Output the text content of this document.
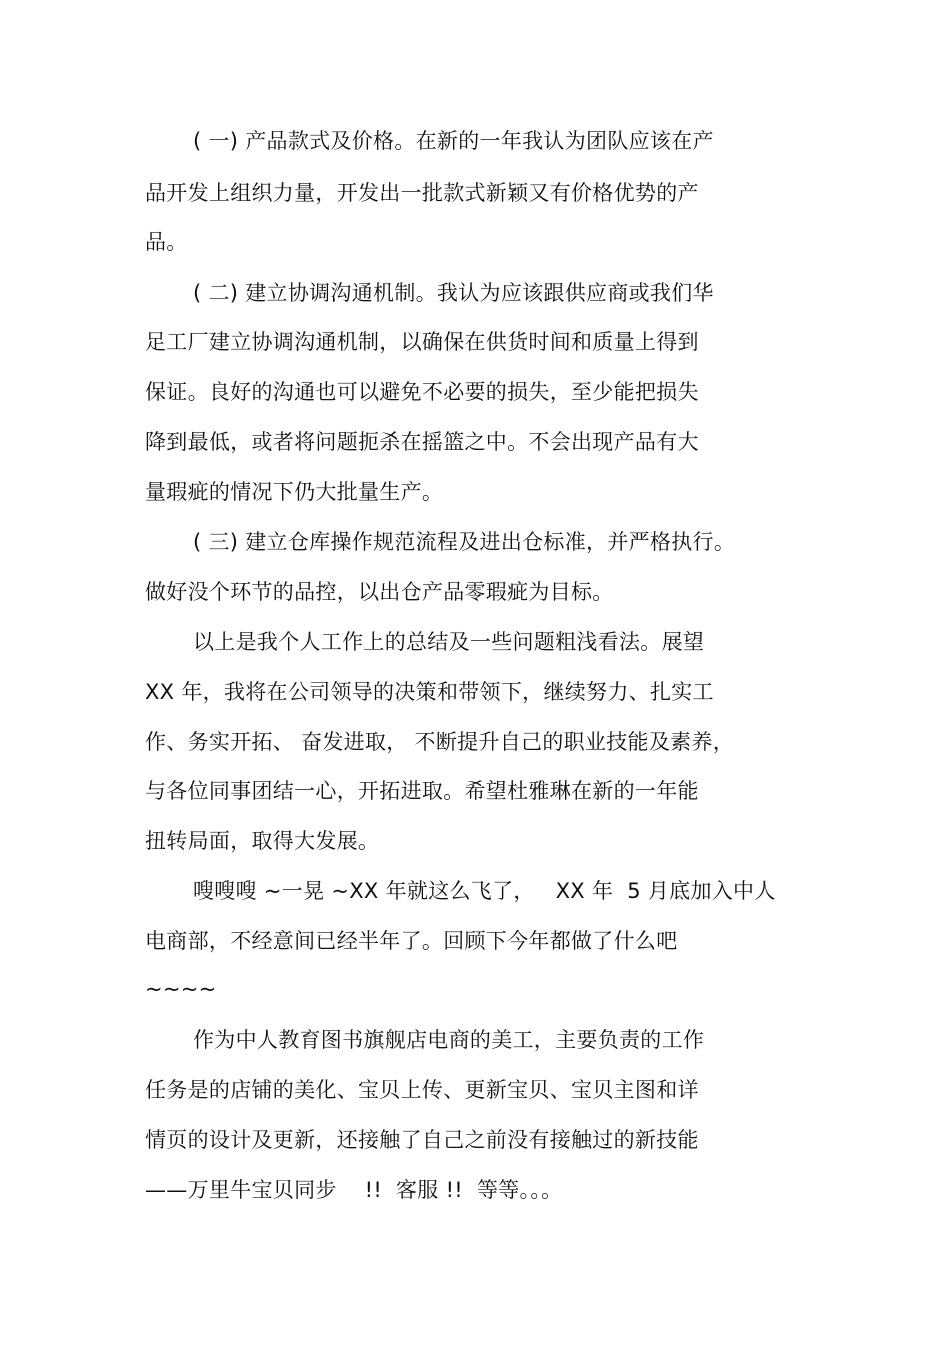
( 一) 产品款式及价格。在新的一年我认为团队应该在产
品开发上组织力量，开发出一批款式新颖又有价格优势的产
品。
( 二) 建立协调沟通机制。我认为应该跟供应商或我们华
足工厂建立协调沟通机制，以确保在供货时间和质量上得到
保证。良好的沟通也可以避免不必要的损失，至少能把损失
降到最低，或者将问题扼杀在摇篮之中。不会出现产品有大
量瑕疵的情况下仍大批量生产。
( 三) 建立仓库操作规范流程及进出仓标准，并严格执行。
做好没个环节的品控，以出仓产品零瑕疵为目标。
以上是我个人工作上的总结及一些问题粗浅看法。展望
XX 年，我将在公司领导的决策和带领下，继续努力、扎实工
作、务实开拓、 奋发进取， 不断提升自己的职业技能及素养，
与各位同事团结一心，开拓进取。希望杜雅琳在新的一年能
扭转局面，取得大发展。
嗖嗖嗖 ~一晃 ~XX 年就这么飞了，   XX 年  5 月底加入中人
电商部，不经意间已经半年了。回顾下今年都做了什么吧
~~~~
作为中人教育图书旗舰店电商的美工，主要负责的工作
任务是的店铺的美化、宝贝上传、更新宝贝、宝贝主图和详
情页的设计及更新，还接触了自己之前没有接触过的新技能
——万里牛宝贝同步    !!  客服 !!  等等。。。
